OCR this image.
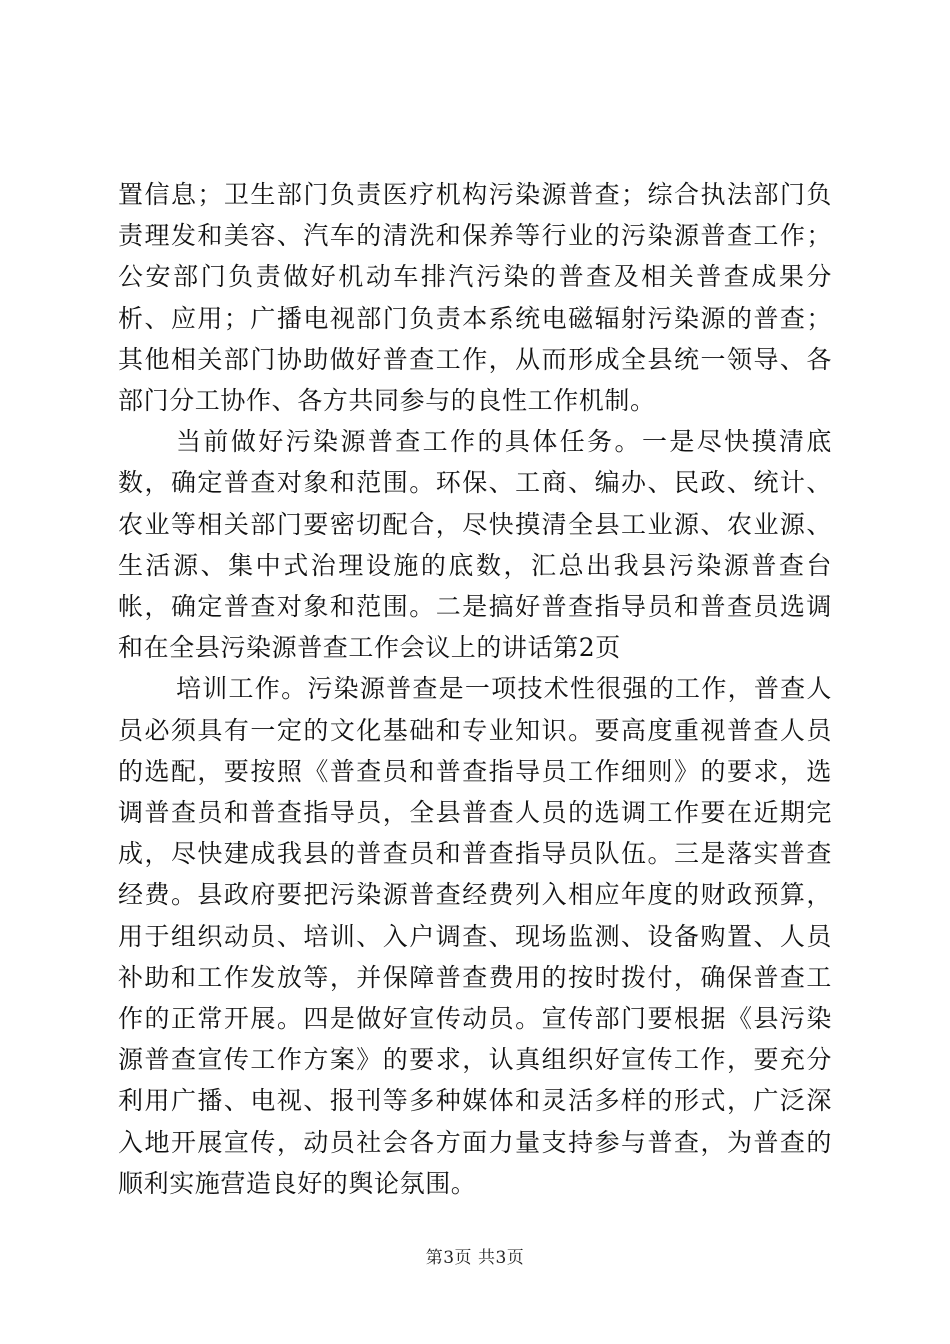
置信息；卫生部门负责医疗机构污染源普查；综合执法部门负责理发和美容、汽车的清洗和保养等行业的污染源普查工作；公安部门负责做好机动车排汽污染的普查及相关普查成果分析、应用；广播电视部门负责本系统电磁辐射污染源的普查；其他相关部门协助做好普查工作，从而形成全县统一领导、各部门分工协作、各方共同参与的良性工作机制。

当前做好污染源普查工作的具体任务。一是尽快摸清底数，确定普查对象和范围。环保、工商、编办、民政、统计、农业等相关部门要密切配合，尽快摸清全县工业源、农业源、生活源、集中式治理设施的底数，汇总出我县污染源普查台帐，确定普查对象和范围。二是搞好普查指导员和普查员选调和在全县污染源普查工作会议上的讲话第2页

培训工作。污染源普查是一项技术性很强的工作，普查人员必须具有一定的文化基础和专业知识。要高度重视普查人员的选配，要按照《普查员和普查指导员工作细则》的要求，选调普查员和普查指导员，全县普查人员的选调工作要在近期完成，尽快建成我县的普查员和普查指导员队伍。三是落实普查经费。县政府要把污染源普查经费列入相应年度的财政预算，用于组织动员、培训、入户调查、现场监测、设备购置、人员补助和工作发放等，并保障普查费用的按时拨付，确保普查工作的正常开展。四是做好宣传动员。宣传部门要根据《县污染源普查宣传工作方案》的要求，认真组织好宣传工作，要充分利用广播、电视、报刊等多种媒体和灵活多样的形式，广泛深入地开展宣传，动员社会各方面力量支持参与普查，为普查的顺利实施营造良好的舆论氛围。

第3页 共3页
